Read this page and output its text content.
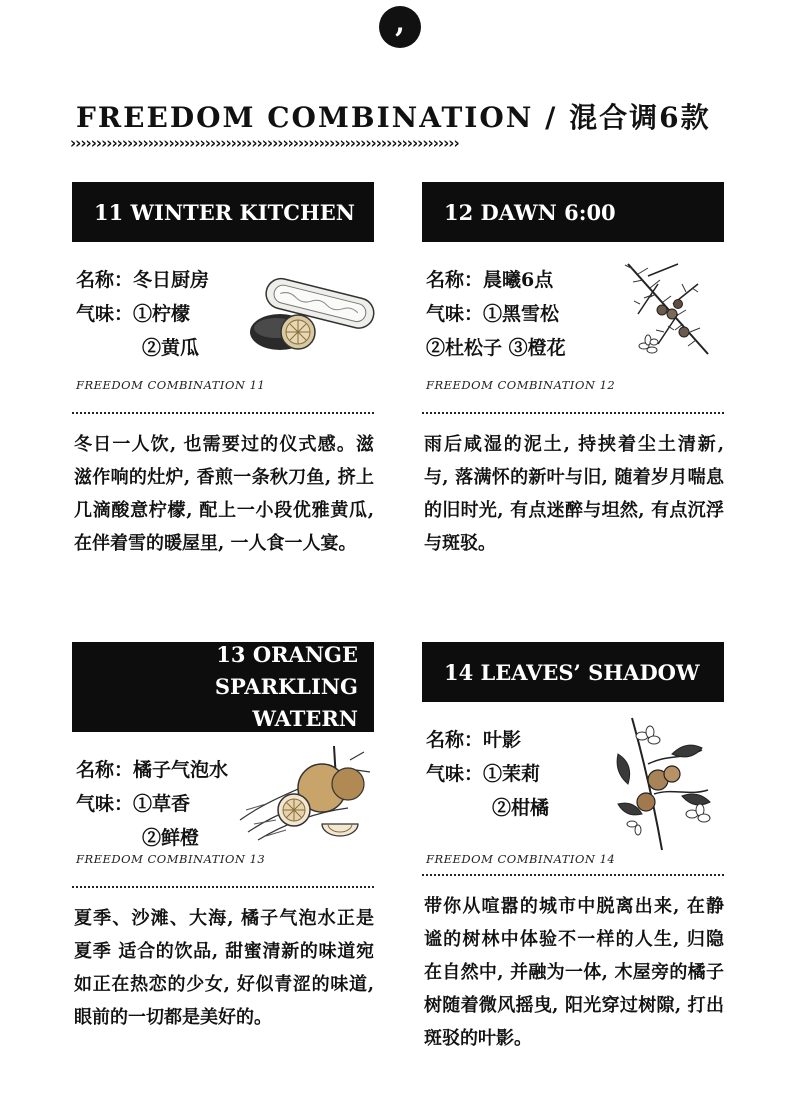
,
FREEDOM COMBINATION / 混合调6款
›››››››››››››››››››››››››››››››››››››››››››››››››››››››››››››››››››››››››››
11 WINTER KITCHEN
名称：冬日厨房
气味：①柠檬
②黄瓜
FREEDOM COMBINATION 11
冬日一人饮, 也需要过的仪式感。滋滋作响的灶炉, 香煎一条秋刀鱼, 挤上几滴酸意柠檬, 配上一小段优雅黄瓜, 在伴着雪的暖屋里, 一人食一人宴。
12 DAWN 6:00
名称：晨曦6点
气味：①黑雪松
②杜松子 ③橙花
FREEDOM COMBINATION 12
雨后咸湿的泥土, 持挟着尘土清新, 与, 落满怀的新叶与旧, 随着岁月喘息的旧时光, 有点迷醉与坦然, 有点沉浮与斑驳。
13 ORANGE SPARKLING
WATERN
名称：橘子气泡水
气味：①草香
②鲜橙
FREEDOM COMBINATION 13
夏季、沙滩、大海, 橘子气泡水正是夏季 适合的饮品, 甜蜜清新的味道宛如正在热恋的少女, 好似青涩的味道, 眼前的一切都是美好的。
14 LEAVES’ SHADOW
名称：叶影
气味：①茉莉
②柑橘
FREEDOM COMBINATION 14
带你从喧嚣的城市中脱离出来, 在静谧的树林中体验不一样的人生, 归隐在自然中, 并融为一体, 木屋旁的橘子树随着微风摇曳, 阳光穿过树隙, 打出斑驳的叶影。
